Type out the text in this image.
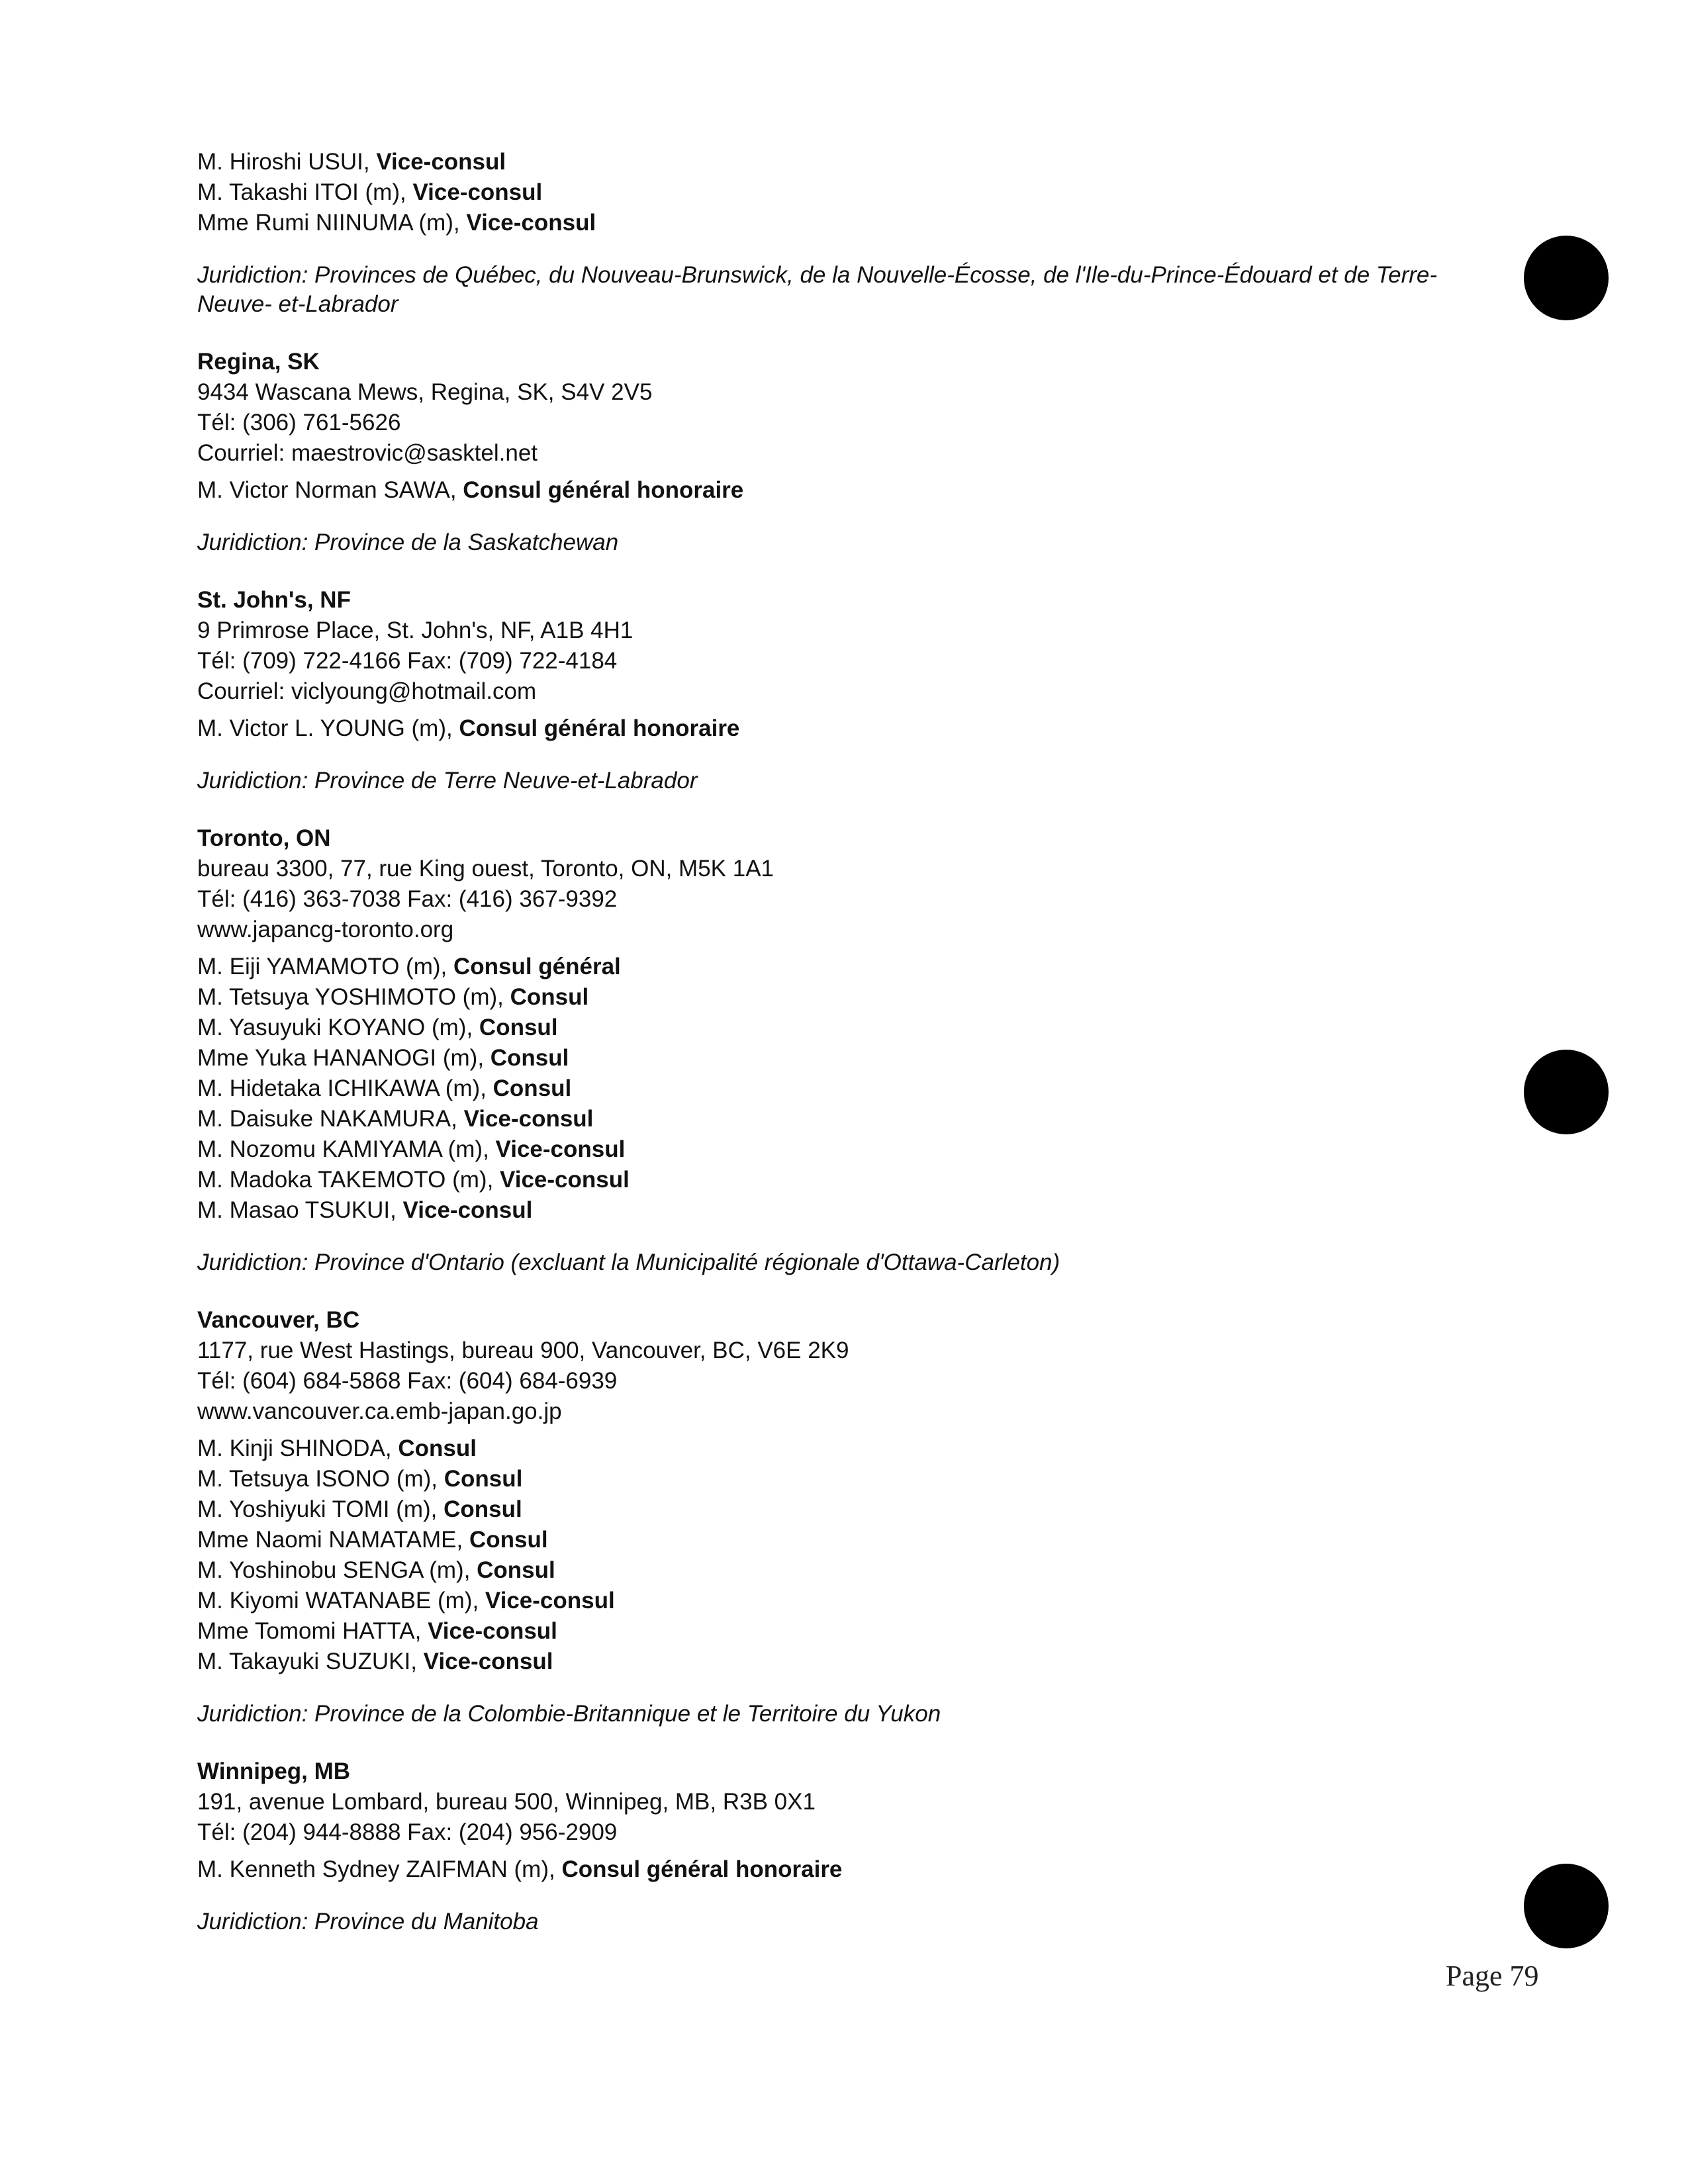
M. Hiroshi USUI, Vice-consul
M. Takashi ITOI (m), Vice-consul
Mme Rumi NIINUMA (m), Vice-consul
Juridiction: Provinces de Québec, du Nouveau-Brunswick, de la Nouvelle-Écosse, de l'Ile-du-Prince-Édouard et de Terre-Neuve- et-Labrador
Regina, SK
9434 Wascana Mews, Regina, SK, S4V 2V5
Tél: (306) 761-5626
Courriel: maestrovic@sasktel.net
M. Victor Norman SAWA, Consul général honoraire
Juridiction: Province de la Saskatchewan
St. John's, NF
9 Primrose Place, St. John's, NF, A1B 4H1
Tél: (709) 722-4166 Fax: (709) 722-4184
Courriel: viclyoung@hotmail.com
M. Victor L. YOUNG (m), Consul général honoraire
Juridiction: Province de Terre Neuve-et-Labrador
Toronto, ON
bureau 3300, 77, rue King ouest, Toronto, ON, M5K 1A1
Tél: (416) 363-7038 Fax: (416) 367-9392
www.japancg-toronto.org
M. Eiji YAMAMOTO (m), Consul général
M. Tetsuya YOSHIMOTO (m), Consul
M. Yasuyuki KOYANO (m), Consul
Mme Yuka HANANOGI (m), Consul
M. Hidetaka ICHIKAWA (m), Consul
M. Daisuke NAKAMURA, Vice-consul
M. Nozomu KAMIYAMA (m), Vice-consul
M. Madoka TAKEMOTO (m), Vice-consul
M. Masao TSUKUI, Vice-consul
Juridiction: Province d'Ontario (excluant la Municipalité régionale d'Ottawa-Carleton)
Vancouver, BC
1177, rue West Hastings, bureau 900, Vancouver, BC, V6E 2K9
Tél: (604) 684-5868 Fax: (604) 684-6939
www.vancouver.ca.emb-japan.go.jp
M. Kinji SHINODA, Consul
M. Tetsuya ISONO (m), Consul
M. Yoshiyuki TOMI (m), Consul
Mme Naomi NAMATAME, Consul
M. Yoshinobu SENGA (m), Consul
M. Kiyomi WATANABE (m), Vice-consul
Mme Tomomi HATTA, Vice-consul
M. Takayuki SUZUKI, Vice-consul
Juridiction: Province de la Colombie-Britannique et le Territoire du Yukon
Winnipeg, MB
191, avenue Lombard, bureau 500, Winnipeg, MB, R3B 0X1
Tél: (204) 944-8888 Fax: (204) 956-2909
M. Kenneth Sydney ZAIFMAN (m), Consul général honoraire
Juridiction: Province du Manitoba
Page 79
